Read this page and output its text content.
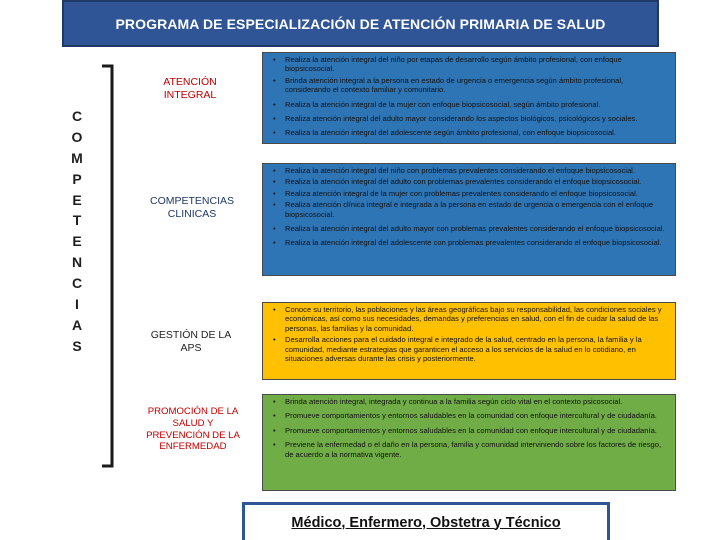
PROGRAMA DE ESPECIALIZACIÓN DE ATENCIÓN PRIMARIA DE SALUD
C
O
M
P
E
T
E
N
C
I
A
S
ATENCIÓN INTEGRAL
COMPETENCIAS CLINICAS
GESTIÓN DE LA APS
PROMOCIÓN DE LA SALUD Y PREVENCIÓN DE LA ENFERMEDAD
• Realiza la atención integral del niño por etapas de desarrollo según ámbito profesional, con enfoque biopsicosocial.
• Brinda atención integral a la persona en estado de urgencia o emergencia según ámbito profesional, considerando el contexto familiar y comunitario.
• Realiza la atención integral de la mujer con enfoque biopsicosocial, según ámbito profesional.
• Realiza atención integral del adulto mayor considerando los aspectos biológicos, psicológicos y sociales.
• Realiza la atención integral del adolescente según ámbito profesional, con enfoque biopsicosocial.
• Realiza la atención integral del niño con problemas prevalentes considerando el enfoque biopsicosocial.
• Realiza la atención integral del adulto con problemas prevalentes considerando el enfoque biopsicosocial.
• Realiza atención integral de la mujer con problemas prevalentes considerando el enfoque biopsicosocial.
• Realiza atención clínica integral e integrada a la persona en estado de urgencia o emergencia con el enfoque biopsicosocial.
• Realiza la atención integral del adulto mayor con problemas prevalentes considerando el enfoque biopsicosocial.
• Realiza la atención integral del adolescente con problemas prevalentes considerando el enfoque biopsicosocial.
• Conoce su territorio, las poblaciones y las áreas geográficas bajo su responsabilidad, las condiciones sociales y económicas, así como sus necesidades, demandas y preferencias en salud, con el fin de cuidar la salud de las personas, las familias y la comunidad.
• Desarrolla acciones para el cuidado integral e integrado de la salud, centrado en la persona, la familia y la comunidad, mediante estrategias que garanticen el acceso a los servicios de la salud en lo cotidiano, en situaciones adversas durante las crisis y posteriormente.
• Brinda atención integral, integrada y continua a la familia según ciclo vital en el contexto psicosocial.
• Promueve comportamientos y entornos saludables en la comunidad con enfoque intercultural y de ciudadanía.
• Promueve comportamientos y entornos saludables en la comunidad con enfoque intercultural y de ciudadanía.
• Previene la enfermedad o el daño en la persona, familia y comunidad interviniendo sobre los factores de riesgo, de acuerdo a la normativa vigente.
Médico, Enfermero, Obstetra y Técnico
